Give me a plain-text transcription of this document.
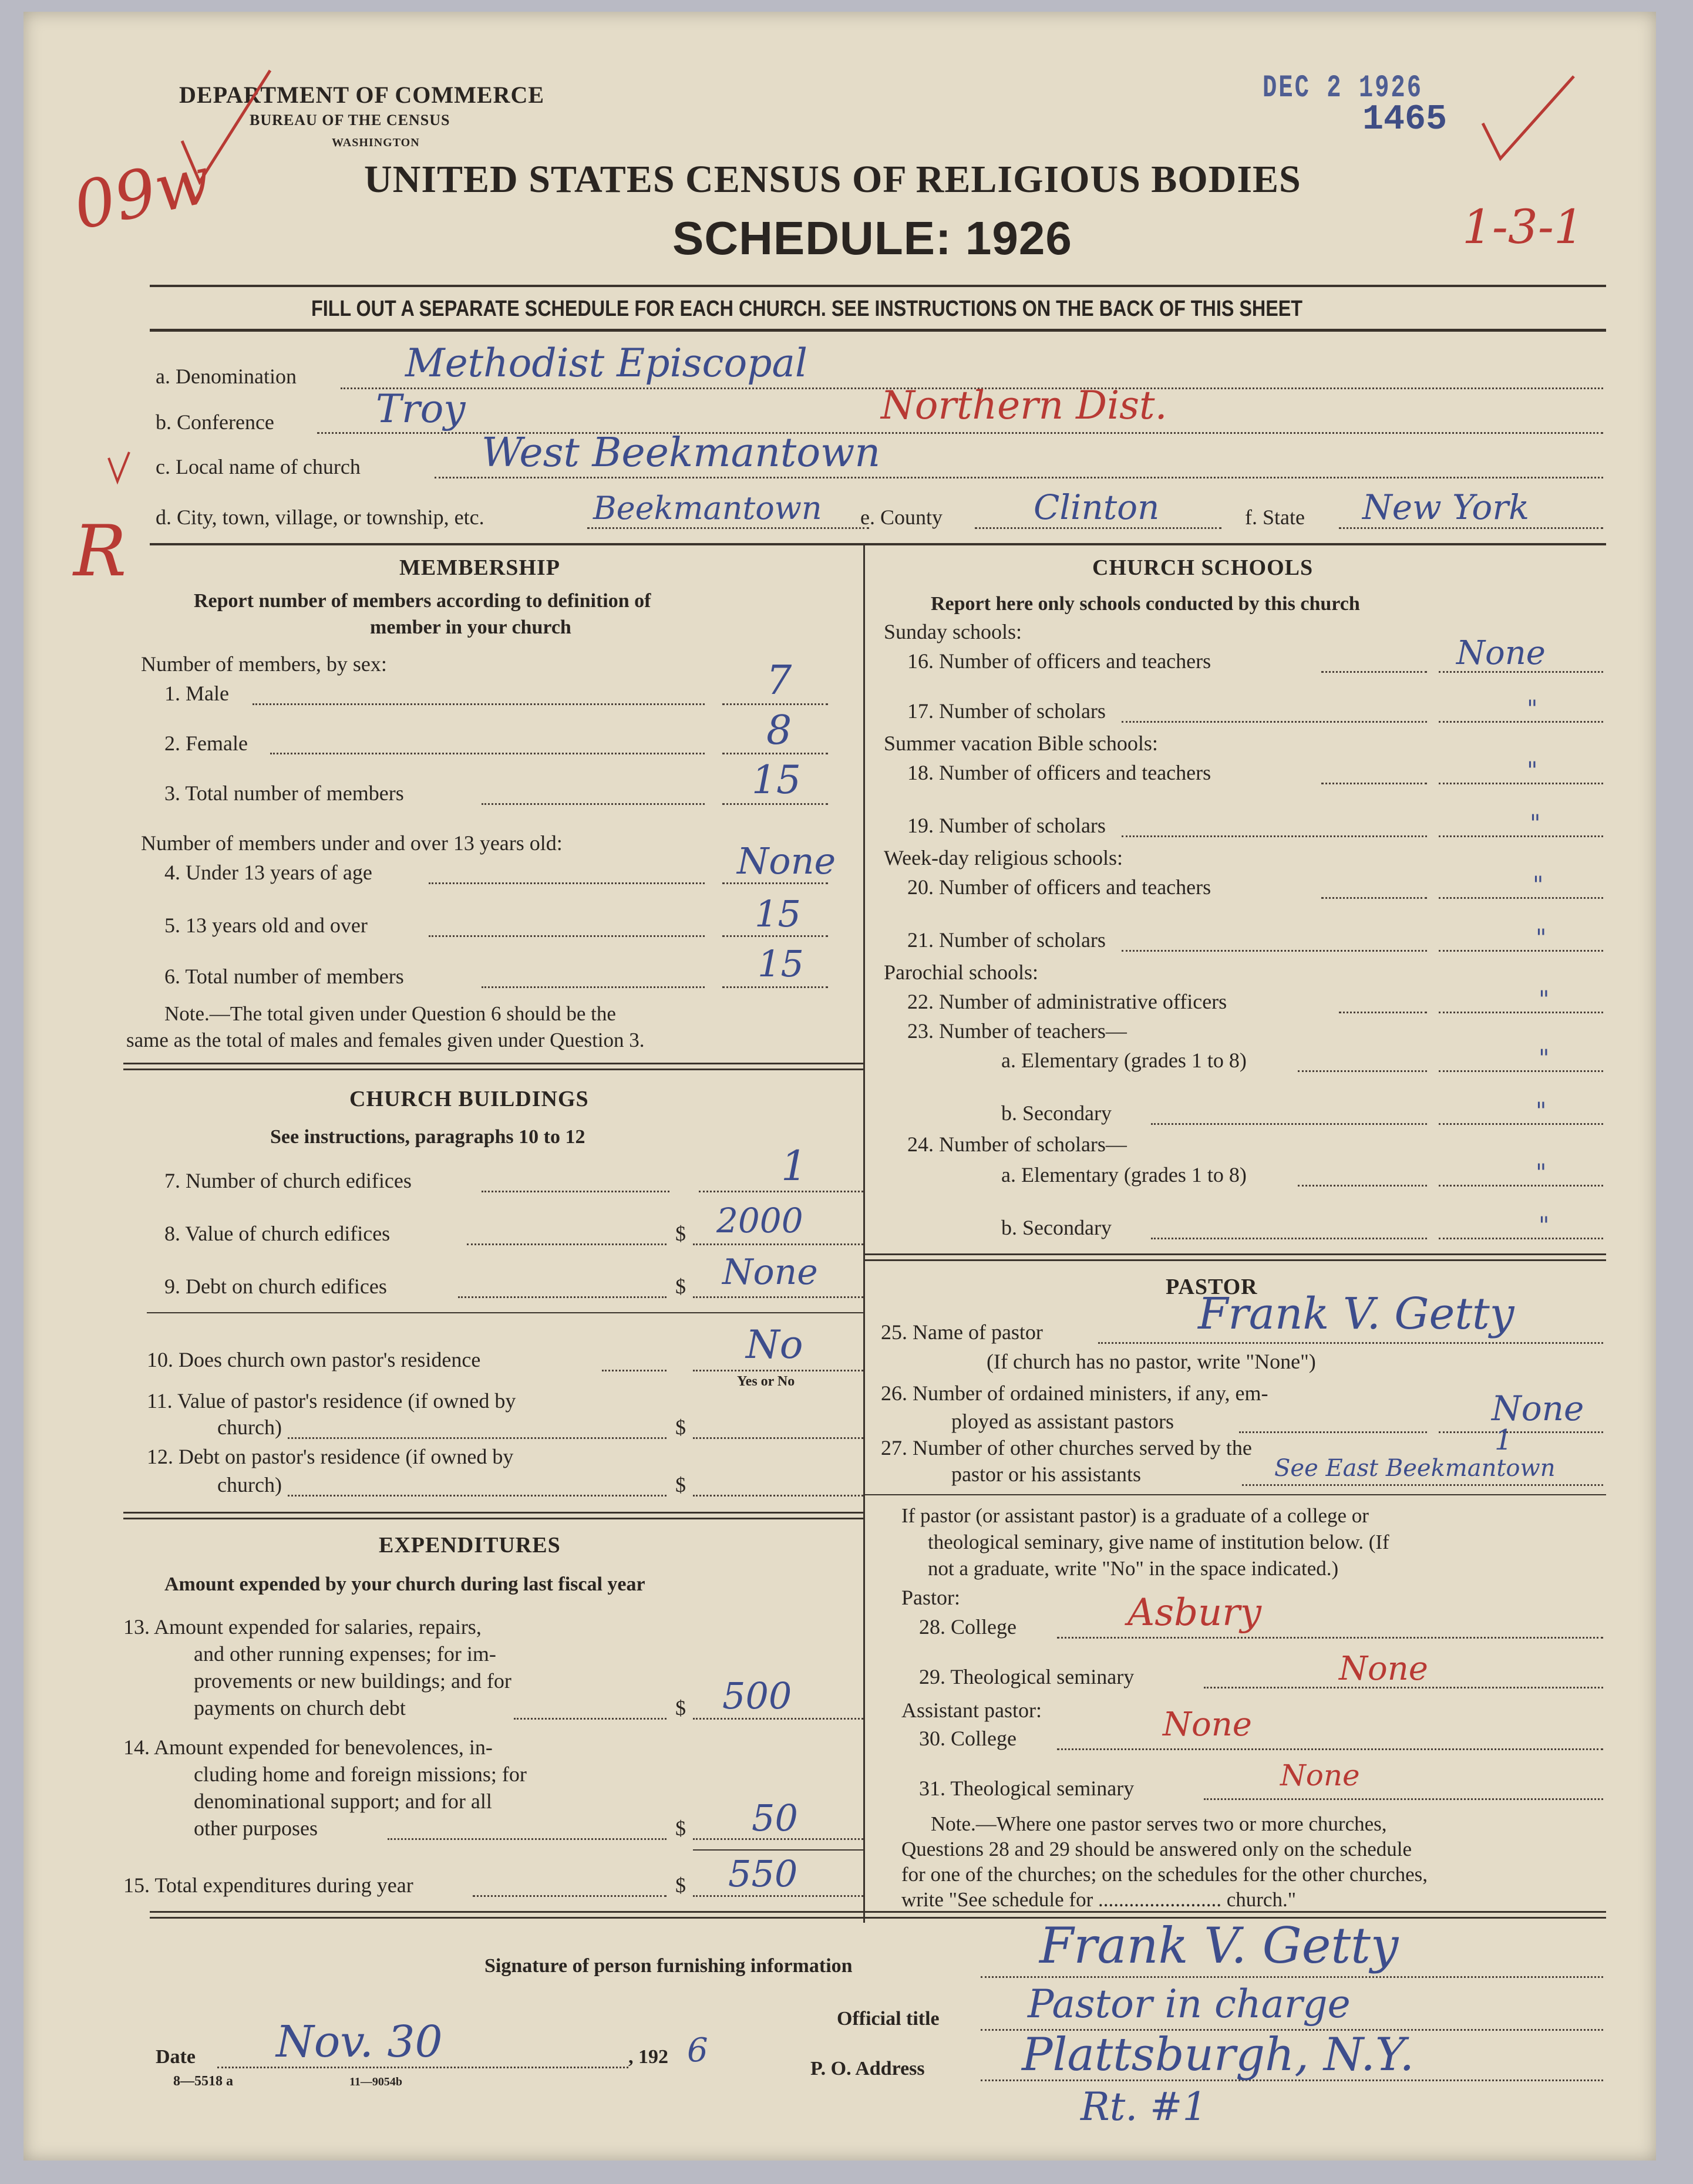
DEPARTMENT OF COMMERCE
BUREAU OF THE CENSUS
WASHINGTON
UNITED STATES CENSUS OF RELIGIOUS BODIES
SCHEDULE: 1926
DEC 2 1926
1465
09w	1-3-1
R
FILL OUT A SEPARATE SCHEDULE FOR EACH CHURCH. SEE INSTRUCTIONS ON THE BACK OF THIS SHEET
a. Denomination	Methodist Episcopal
b. Conference	Troy	Northern Dist.
c. Local name of church	West Beekmantown
d. City, town, village, or township, etc.	Beekmantown e. County	Clinton	f. State New York
MEMBERSHIP
Report number of members according to definition of
member in your church
Number of members, by sex:
1. Male	7
2. Female	8
3. Total number of members	15
Number of members under and over 13 years old:
4. Under 13 years of age	None
5. 13 years old and over	15
6. Total number of members	15
Note.—The total given under Question 6 should be the
same as the total of males and females given under Question 3.
CHURCH BUILDINGS
See instructions, paragraphs 10 to 12
7. Number of church edifices	1
8. Value of church edifices	$ 2000
9. Debt on church edifices	$ None
10. Does church own pastor's residence	No
Yes or No
11. Value of pastor's residence (if owned by
church)	$
12. Debt on pastor's residence (if owned by
church)	$
EXPENDITURES
Amount expended by your church during last fiscal year
13. Amount expended for salaries, repairs,
and other running expenses; for im-
provements or new buildings; and for
payments on church debt	$ 500
14. Amount expended for benevolences, in-
cluding home and foreign missions; for
denominational support; and for all
other purposes	$ 50
15. Total expenditures during year	$ 550
CHURCH SCHOOLS
Report here only schools conducted by this church
Sunday schools:
16. Number of officers and teachers	None
17. Number of scholars	"
Summer vacation Bible schools:
18. Number of officers and teachers	"
19. Number of scholars	"
Week-day religious schools:
20. Number of officers and teachers	"
21. Number of scholars	"
Parochial schools:
22. Number of administrative officers	"
23. Number of teachers—
a. Elementary (grades 1 to 8)	"
b. Secondary	"
24. Number of scholars—
a. Elementary (grades 1 to 8)	"
b. Secondary	"
PASTOR
25. Name of pastor	Frank V. Getty
(If church has no pastor, write "None")
26. Number of ordained ministers, if any, em-
ployed as assistant pastors	None
27. Number of other churches served by the
pastor or his assistants	See East Beekmantown
1
If pastor (or assistant pastor) is a graduate of a college or
theological seminary, give name of institution below. (If
not a graduate, write "No" in the space indicated.)
Pastor:
28. College	Asbury
29. Theological seminary	None
Assistant pastor:
30. College	None
31. Theological seminary	None
Note.—Where one pastor serves two or more churches,
Questions 28 and 29 should be answered only on the schedule
for one of the churches; on the schedules for the other churches,
write "See schedule for ........................ church."
Signature of person furnishing information	Frank V. Getty
Official title Pastor in charge
Date Nov. 30	, 192 6	P. O. Address Plattsburgh, N.Y.
Rt. #1
8—5518 a	11—9054b
